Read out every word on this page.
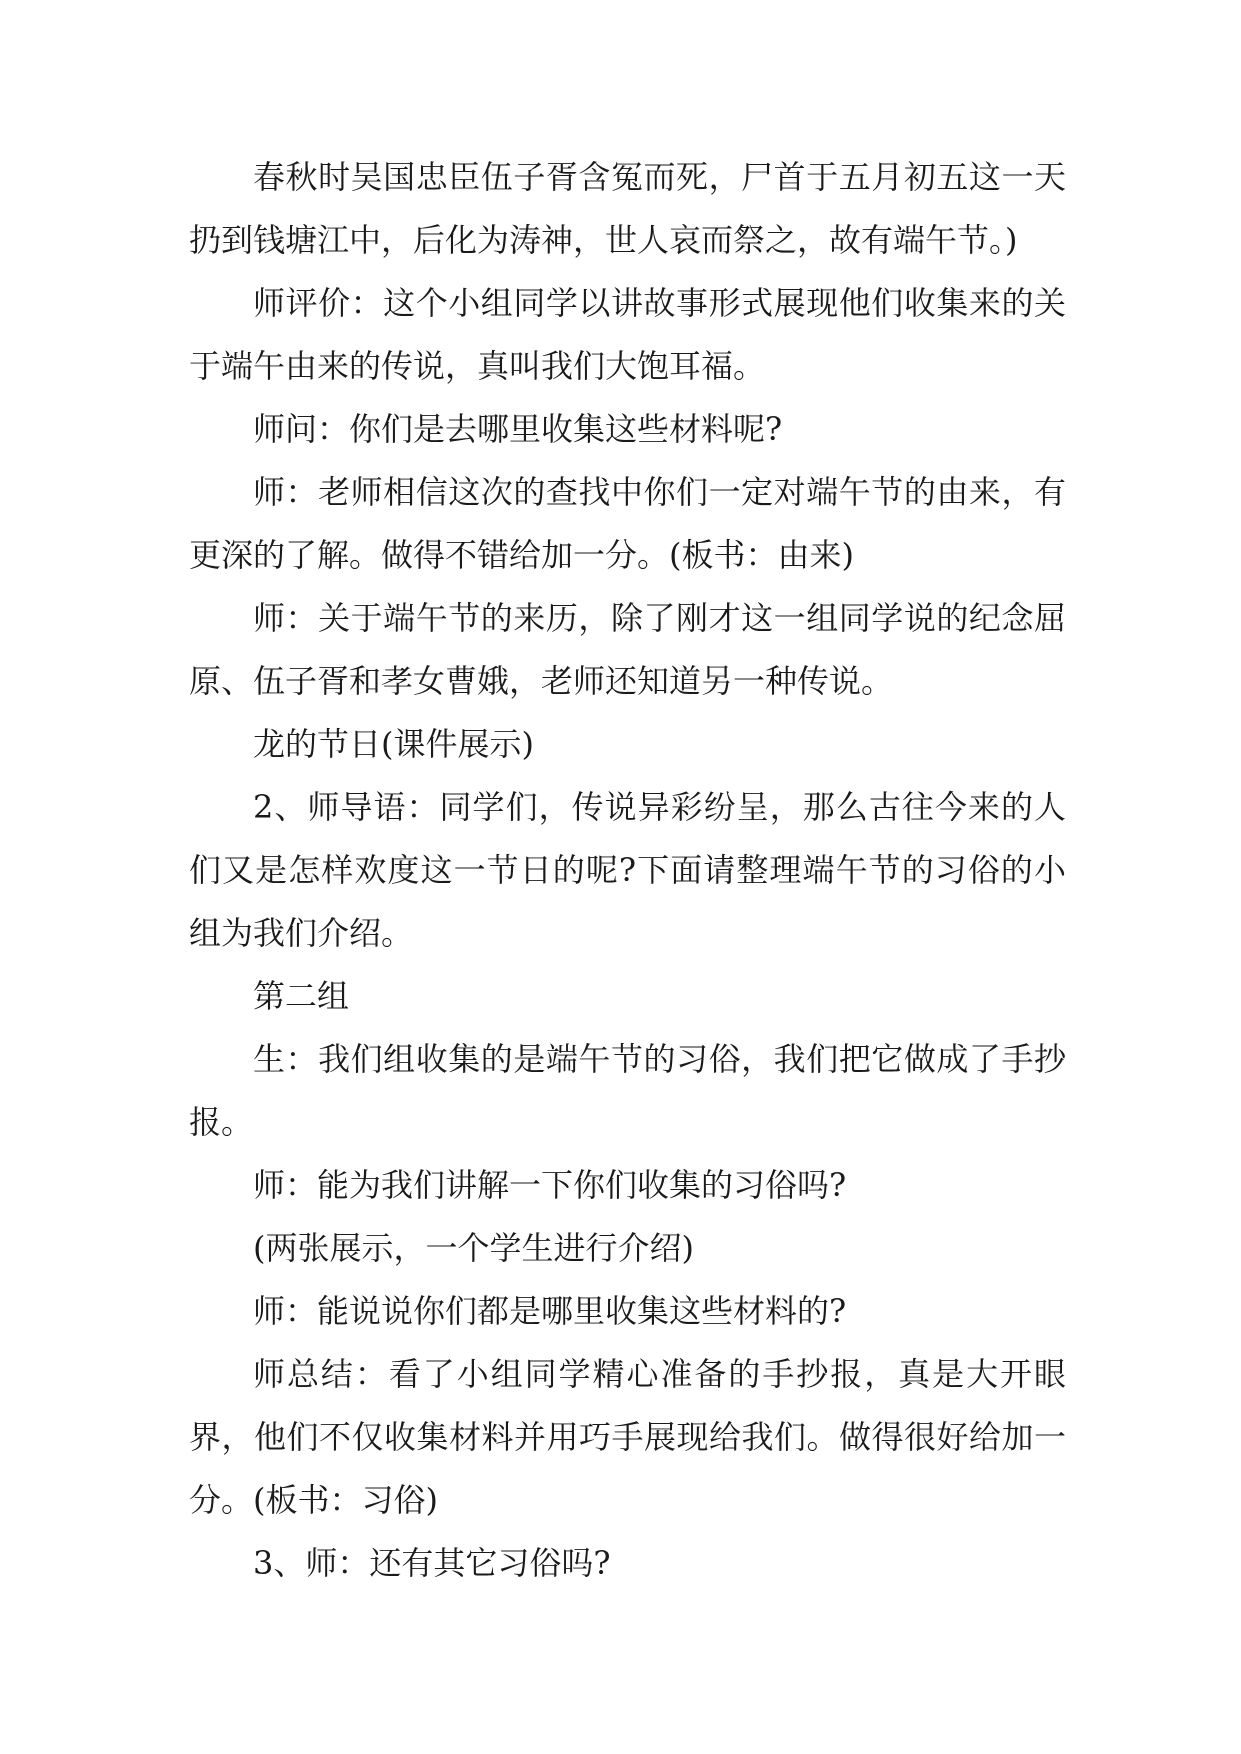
春秋时吴国忠臣伍子胥含冤而死，尸首于五月初五这一天扔到钱塘江中，后化为涛神，世人哀而祭之，故有端午节。)

师评价：这个小组同学以讲故事形式展现他们收集来的关于端午由来的传说，真叫我们大饱耳福。

师问：你们是去哪里收集这些材料呢?

师：老师相信这次的查找中你们一定对端午节的由来，有更深的了解。做得不错给加一分。(板书：由来)

师：关于端午节的来历，除了刚才这一组同学说的纪念屈原、伍子胥和孝女曹娥，老师还知道另一种传说。

龙的节日(课件展示)

2、师导语：同学们，传说异彩纷呈，那么古往今来的人们又是怎样欢度这一节日的呢?下面请整理端午节的习俗的小组为我们介绍。

第二组

生：我们组收集的是端午节的习俗，我们把它做成了手抄报。

师：能为我们讲解一下你们收集的习俗吗?

(两张展示，一个学生进行介绍)

师：能说说你们都是哪里收集这些材料的?

师总结：看了小组同学精心准备的手抄报，真是大开眼界，他们不仅收集材料并用巧手展现给我们。做得很好给加一分。(板书：习俗)

3、师：还有其它习俗吗?
